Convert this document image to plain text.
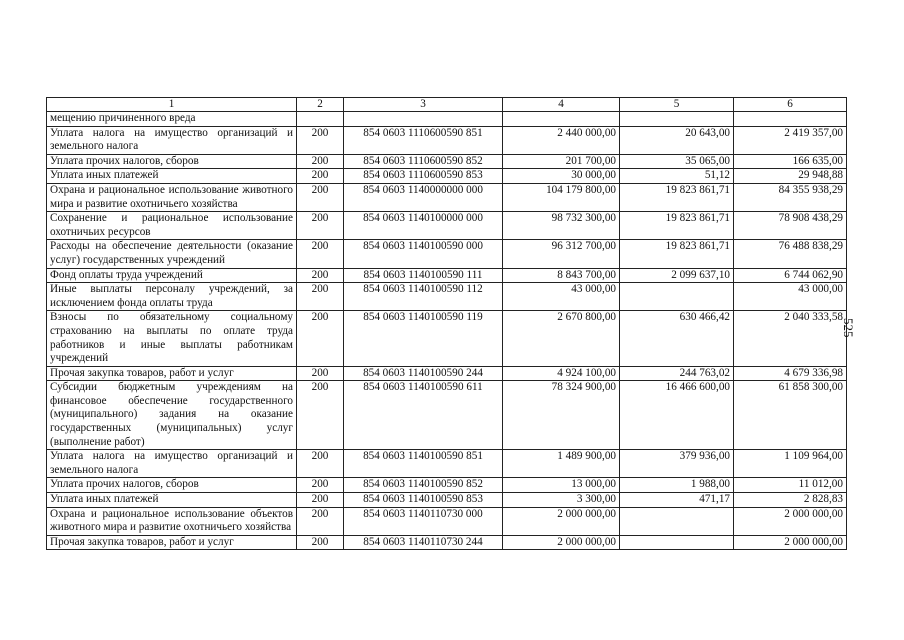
1	2	3	4	5	6
мещению причиненного вреда					
Уплата налога на имущество организаций и земельного налога	200	854 0603 1110600590 851	2 440 000,00	20 643,00	2 419 357,00
Уплата прочих налогов, сборов	200	854 0603 1110600590 852	201 700,00	35 065,00	166 635,00
Уплата иных платежей	200	854 0603 1110600590 853	30 000,00	51,12	29 948,88
Охрана и рациональное использование животного мира и развитие охотничьего хозяйства	200	854 0603 1140000000 000	104 179 800,00	19 823 861,71	84 355 938,29
Сохранение и рациональное использование охотничьих ресурсов	200	854 0603 1140100000 000	98 732 300,00	19 823 861,71	78 908 438,29
Расходы на обеспечение деятельности (оказание услуг) государственных учреждений	200	854 0603 1140100590 000	96 312 700,00	19 823 861,71	76 488 838,29
Фонд оплаты труда учреждений	200	854 0603 1140100590 111	8 843 700,00	2 099 637,10	6 744 062,90
Иные выплаты персоналу учреждений, за исключением фонда оплаты труда	200	854 0603 1140100590 112	43 000,00		43 000,00
Взносы по обязательному социальному страхованию на выплаты по оплате труда работников и иные выплаты работникам учреждений	200	854 0603 1140100590 119	2 670 800,00	630 466,42	2 040 333,58
Прочая закупка товаров, работ и услуг	200	854 0603 1140100590 244	4 924 100,00	244 763,02	4 679 336,98
Субсидии бюджетным учреждениям на финансовое обеспечение государственного (муниципального) задания на оказание государственных (муниципальных) услуг (выполнение работ)	200	854 0603 1140100590 611	78 324 900,00	16 466 600,00	61 858 300,00
Уплата налога на имущество организаций и земельного налога	200	854 0603 1140100590 851	1 489 900,00	379 936,00	1 109 964,00
Уплата прочих налогов, сборов	200	854 0603 1140100590 852	13 000,00	1 988,00	11 012,00
Уплата иных платежей	200	854 0603 1140100590 853	3 300,00	471,17	2 828,83
Охрана и рациональное использование объектов животного мира и развитие охотничьего хозяйства	200	854 0603 1140110730 000	2 000 000,00		2 000 000,00
Прочая закупка товаров, работ и услуг	200	854 0603 1140110730 244	2 000 000,00		2 000 000,00
525
